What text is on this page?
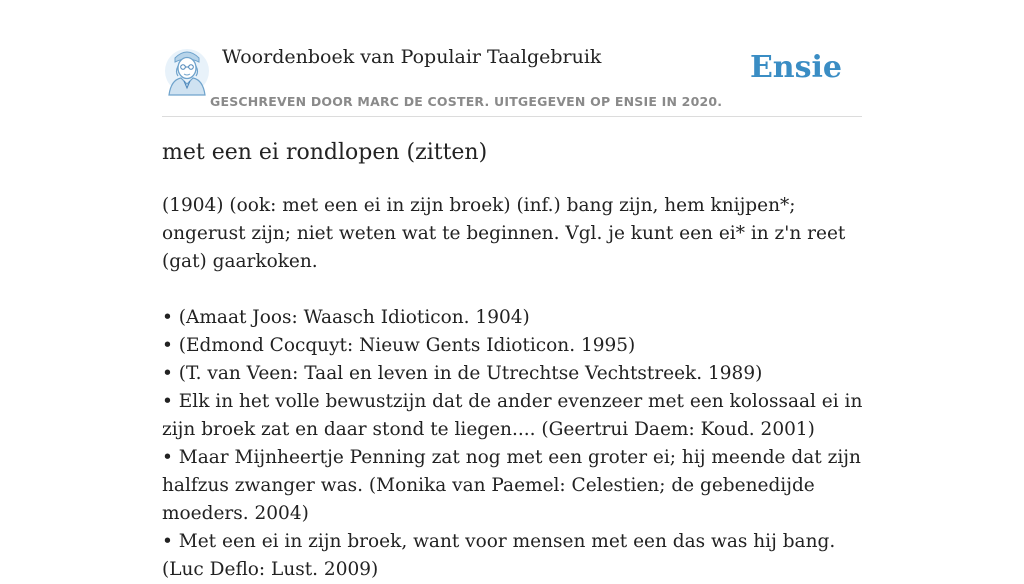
Woordenboek van Populair Taalgebruik
GESCHREVEN DOOR MARC DE COSTER. UITGEGEVEN OP ENSIE IN 2020.
Ensie
met een ei rondlopen (zitten)

(1904) (ook: met een ei in zijn broek) (inf.) bang zijn, hem knijpen*; ongerust zijn; niet weten wat te beginnen. Vgl. je kunt een ei* in z'n reet (gat) gaarkoken.

• (Amaat Joos: Waasch Idioticon. 1904)
• (Edmond Cocquyt: Nieuw Gents Idioticon. 1995)
• (T. van Veen: Taal en leven in de Utrechtse Vechtstreek. 1989)
• Elk in het volle bewustzijn dat de ander evenzeer met een kolossaal ei in zijn broek zat en daar stond te liegen.... (Geertrui Daem: Koud. 2001)
• Maar Mijnheertje Penning zat nog met een groter ei; hij meende dat zijn halfzus zwanger was. (Monika van Paemel: Celestien; de gebenedijde moeders. 2004)
• Met een ei in zijn broek, want voor mensen met een das was hij bang. (Luc Deflo: Lust. 2009)
